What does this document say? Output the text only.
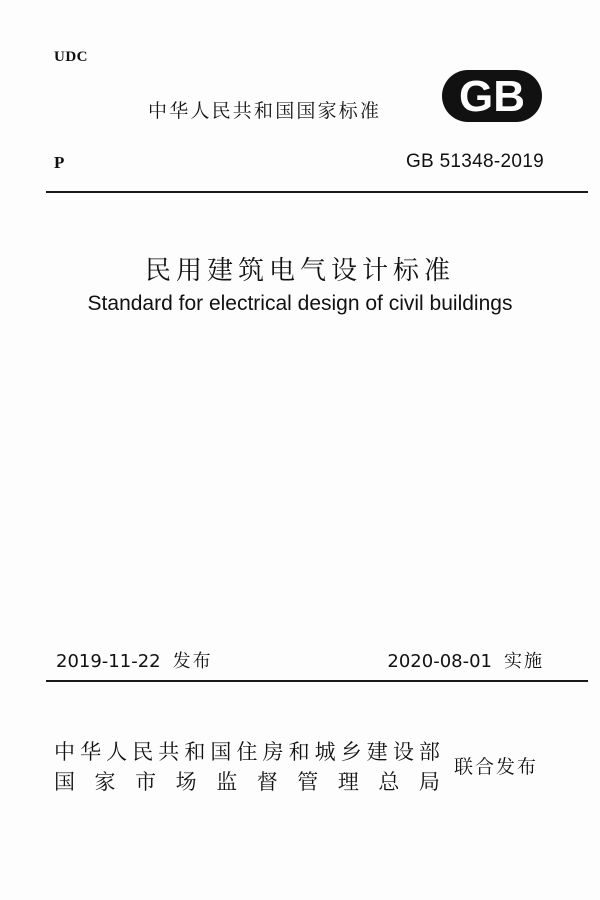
UDC
中华人民共和国国家标准 GB
P	GB 51348-2019
民用建筑电气设计标准
Standard for electrical design of civil buildings
2019-11-22 发布	2020-08-01 实施
中 华 人 民 共 和 国 住 房 和 城 乡 建 设 部
国 家 市 场 监 督 管 理 总 局
联合发布
